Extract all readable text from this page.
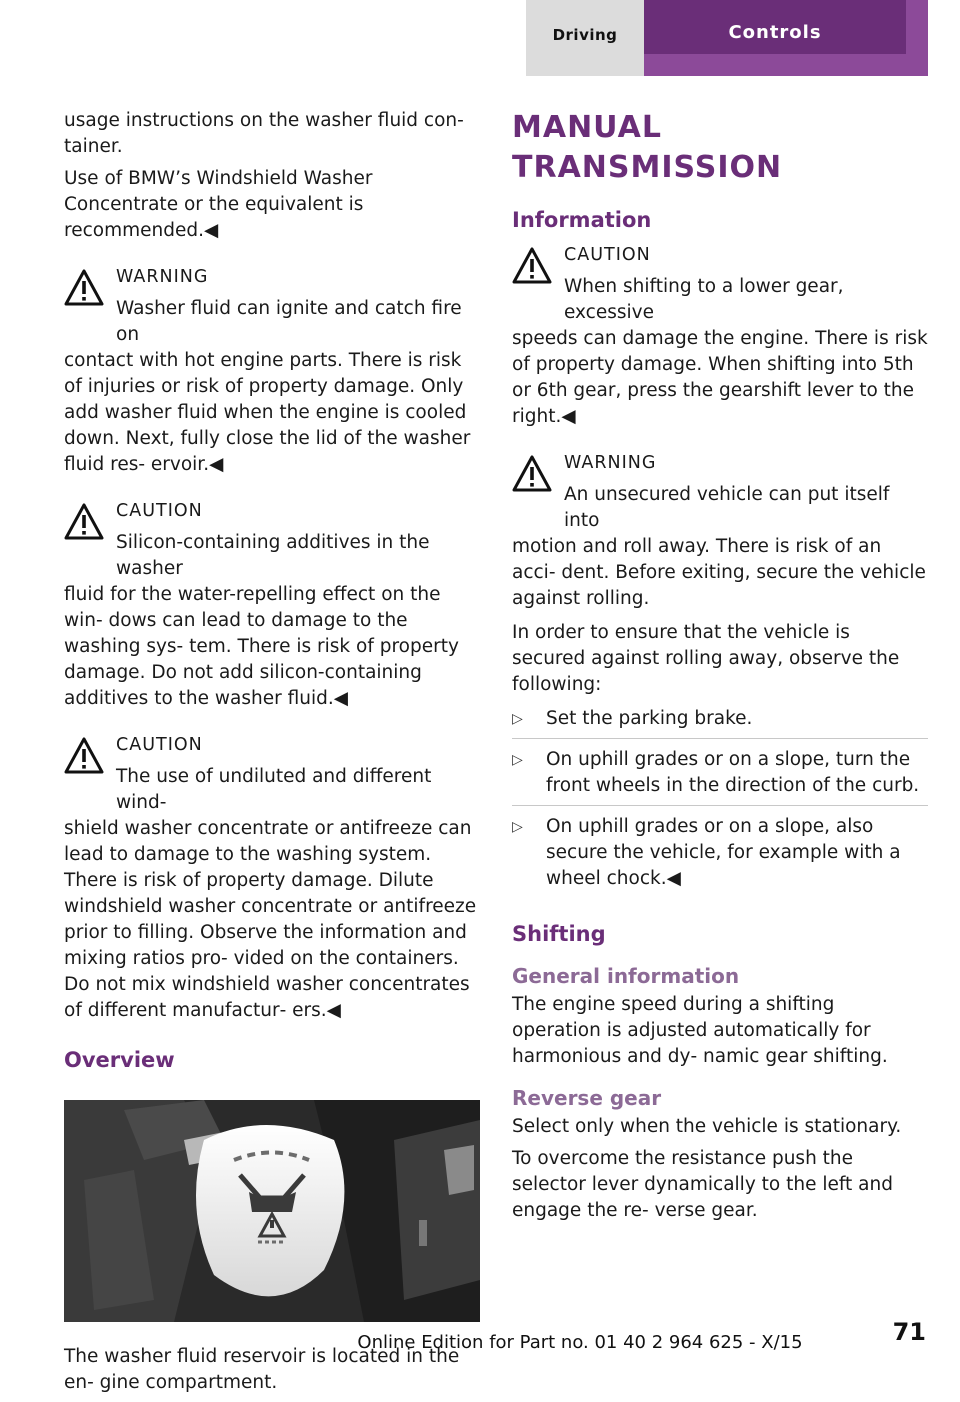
Driving	Controls

usage instructions on the washer fluid con‐ tainer.

Use of BMW’s Windshield Washer Concentrate or the equivalent is recommended.◀

WARNING
Washer fluid can ignite and catch fire on
contact with hot engine parts. There is risk of injuries or risk of property damage. Only add washer fluid when the engine is cooled down. Next, fully close the lid of the washer fluid res‐ ervoir.◀
CAUTION
Silicon-containing additives in the washer
fluid for the water-repelling effect on the win‐ dows can lead to damage to the washing sys‐ tem. There is risk of property damage. Do not add silicon-containing additives to the washer fluid.◀
CAUTION
The use of undiluted and different wind‐
shield washer concentrate or antifreeze can lead to damage to the washing system. There is risk of property damage. Dilute windshield washer concentrate or antifreeze prior to filling. Observe the information and mixing ratios pro‐ vided on the containers. Do not mix windshield washer concentrates of different manufactur‐ ers.◀
Overview

The washer fluid reservoir is located in the en‐ gine compartment.

MANUAL TRANSMISSION
Information
CAUTION
When shifting to a lower gear, excessive
speeds can damage the engine. There is risk of property damage. When shifting into 5th or 6th gear, press the gearshift lever to the right.◀
WARNING
An unsecured vehicle can put itself into
motion and roll away. There is risk of an acci‐ dent. Before exiting, secure the vehicle against rolling.

In order to ensure that the vehicle is secured against rolling away, observe the following:

▷	Set the parking brake.
▷	On uphill grades or on a slope, turn the front wheels in the direction of the curb.
▷	On uphill grades or on a slope, also secure the vehicle, for example with a wheel chock.◀
Shifting
General information

The engine speed during a shifting operation is adjusted automatically for harmonious and dy‐ namic gear shifting.

Reverse gear

Select only when the vehicle is stationary.

To overcome the resistance push the selector lever dynamically to the left and engage the re‐ verse gear.

71
Online Edition for Part no. 01 40 2 964 625 - X/15
